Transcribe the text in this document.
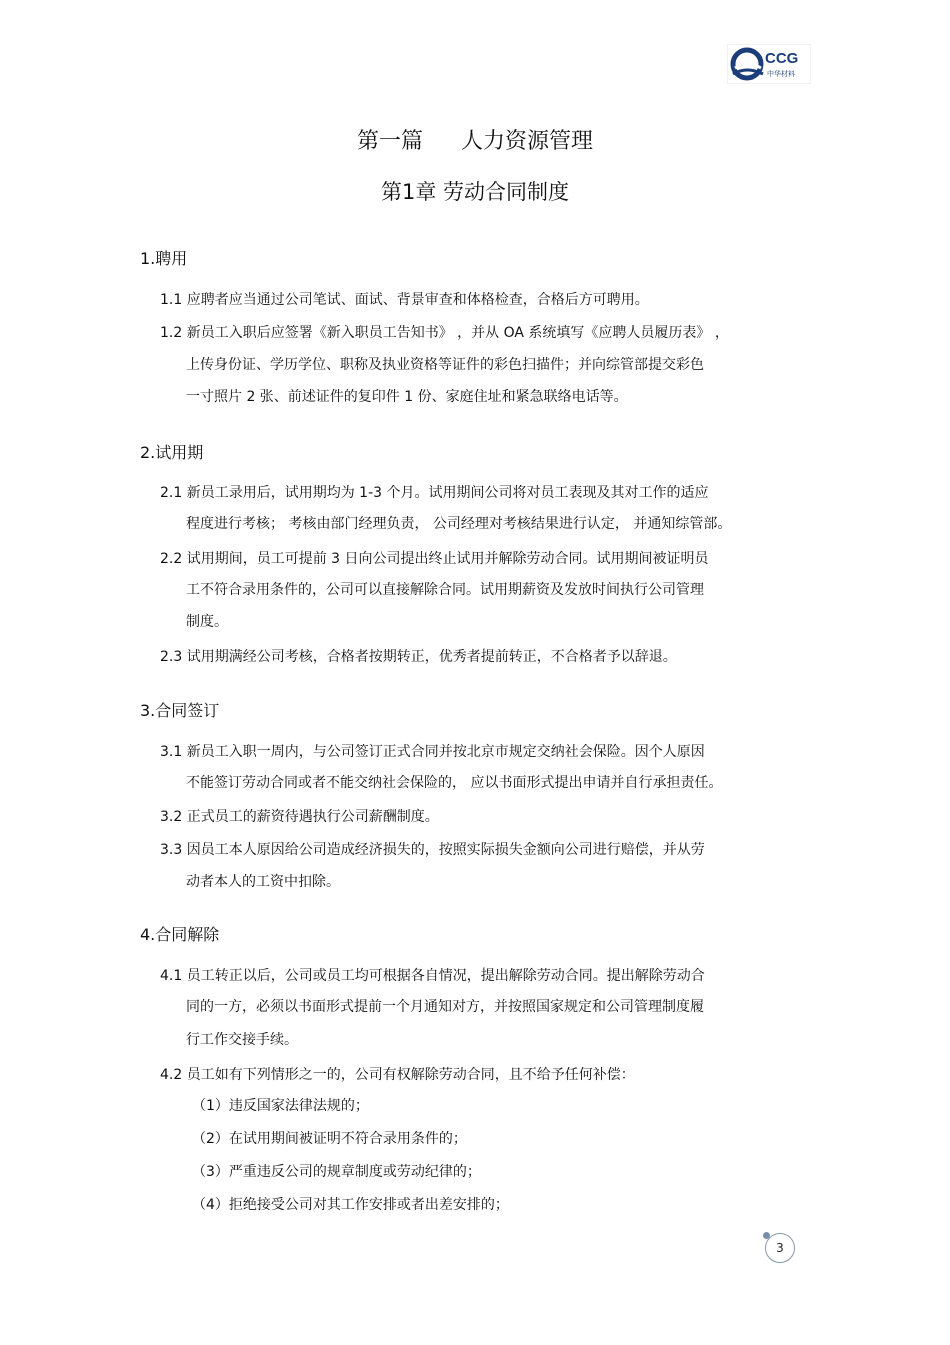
CCG
中华材料
第一篇 人力资源管理
第1章 劳动合同制度
1.聘用
1.1 应聘者应当通过公司笔试、面试、背景审查和体格检查，合格后方可聘用。
1.2 新员工入职后应签署《新入职员工告知书》 ，并从 OA 系统填写《应聘人员履历表》 ，
上传身份证、学历学位、职称及执业资格等证件的彩色扫描件；并向综管部提交彩色
一寸照片 2 张、前述证件的复印件 1 份、家庭住址和紧急联络电话等。
2.试用期
2.1 新员工录用后，试用期均为 1-3 个月。试用期间公司将对员工表现及其对工作的适应
程度进行考核； 考核由部门经理负责， 公司经理对考核结果进行认定， 并通知综管部。
2.2 试用期间，员工可提前 3 日向公司提出终止试用并解除劳动合同。试用期间被证明员
工不符合录用条件的，公司可以直接解除合同。试用期薪资及发放时间执行公司管理
制度。
2.3 试用期满经公司考核，合格者按期转正，优秀者提前转正，不合格者予以辞退。
3.合同签订
3.1 新员工入职一周内，与公司签订正式合同并按北京市规定交纳社会保险。因个人原因
不能签订劳动合同或者不能交纳社会保险的， 应以书面形式提出申请并自行承担责任。
3.2 正式员工的薪资待遇执行公司薪酬制度。
3.3 因员工本人原因给公司造成经济损失的，按照实际损失金额向公司进行赔偿，并从劳
动者本人的工资中扣除。
4.合同解除
4.1 员工转正以后，公司或员工均可根据各自情况，提出解除劳动合同。提出解除劳动合
同的一方，必须以书面形式提前一个月通知对方，并按照国家规定和公司管理制度履
行工作交接手续。
4.2 员工如有下列情形之一的，公司有权解除劳动合同，且不给予任何补偿：
（1）违反国家法律法规的；
（2）在试用期间被证明不符合录用条件的；
（3）严重违反公司的规章制度或劳动纪律的；
（4）拒绝接受公司对其工作安排或者出差安排的；
3
